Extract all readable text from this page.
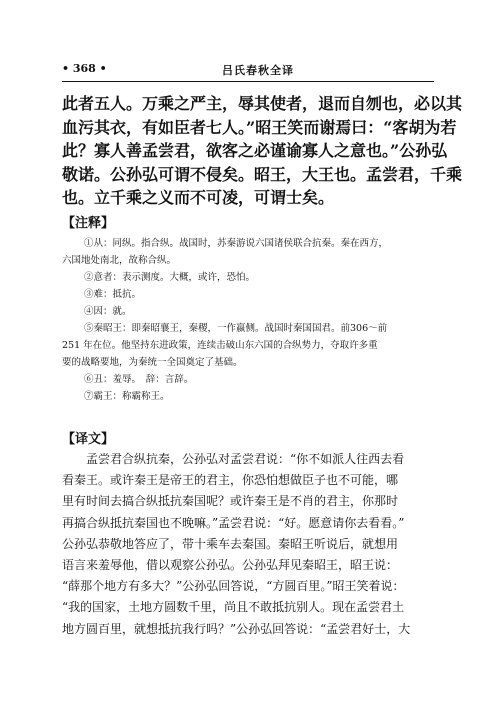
• 368 •	吕氏春秋全译
此者五人。万乘之严主，辱其使者，退而自刎也，必以其
血污其衣，有如臣者七人。”昭王笑而谢焉曰：“客胡为若
此？寡人善孟尝君，欲客之必谨谕寡人之意也。”公孙弘
敬诺。公孙弘可谓不侵矣。昭王，大王也。孟尝君，千乘
也。立千乘之义而不可凌，可谓士矣。
【注释】
①从：同纵。指合纵。战国时，苏秦游说六国诸侯联合抗秦。秦在西方，
六国地处南北，故称合纵。
②意者：表示测度。大概，或许，恐怕。
③难：抵抗。
④因：就。
⑤秦昭王：即秦昭襄王，秦稷，一作嬴侧。战国时秦国国君。前306～前
251 年在位。他坚持东进政策，连续击破山东六国的合纵势力，夺取许多重
要的战略要地，为秦统一全国奠定了基础。
⑥丑：羞辱。　辞：言辞。
⑦霸王：称霸称王。
【译文】
孟尝君合纵抗秦，公孙弘对孟尝君说：“你不如派人往西去看
看秦王。或许秦王是帝王的君主，你恐怕想做臣子也不可能，哪
里有时间去搞合纵抵抗秦国呢？或许秦王是不肖的君主，你那时
再搞合纵抵抗秦国也不晚嘛。”孟尝君说：“好。愿意请你去看看。”
公孙弘恭敬地答应了，带十乘车去秦国。秦昭王听说后，就想用
语言来羞辱他，借以观察公孙弘。公孙弘拜见秦昭王，昭王说：
“薛那个地方有多大？”公孙弘回答说，“方圆百里。”昭王笑着说：
“我的国家，土地方圆数千里，尚且不敢抵抗别人。现在孟尝君土
地方圆百里，就想抵抗我行吗？”公孙弘回答说：“孟尝君好士，大
